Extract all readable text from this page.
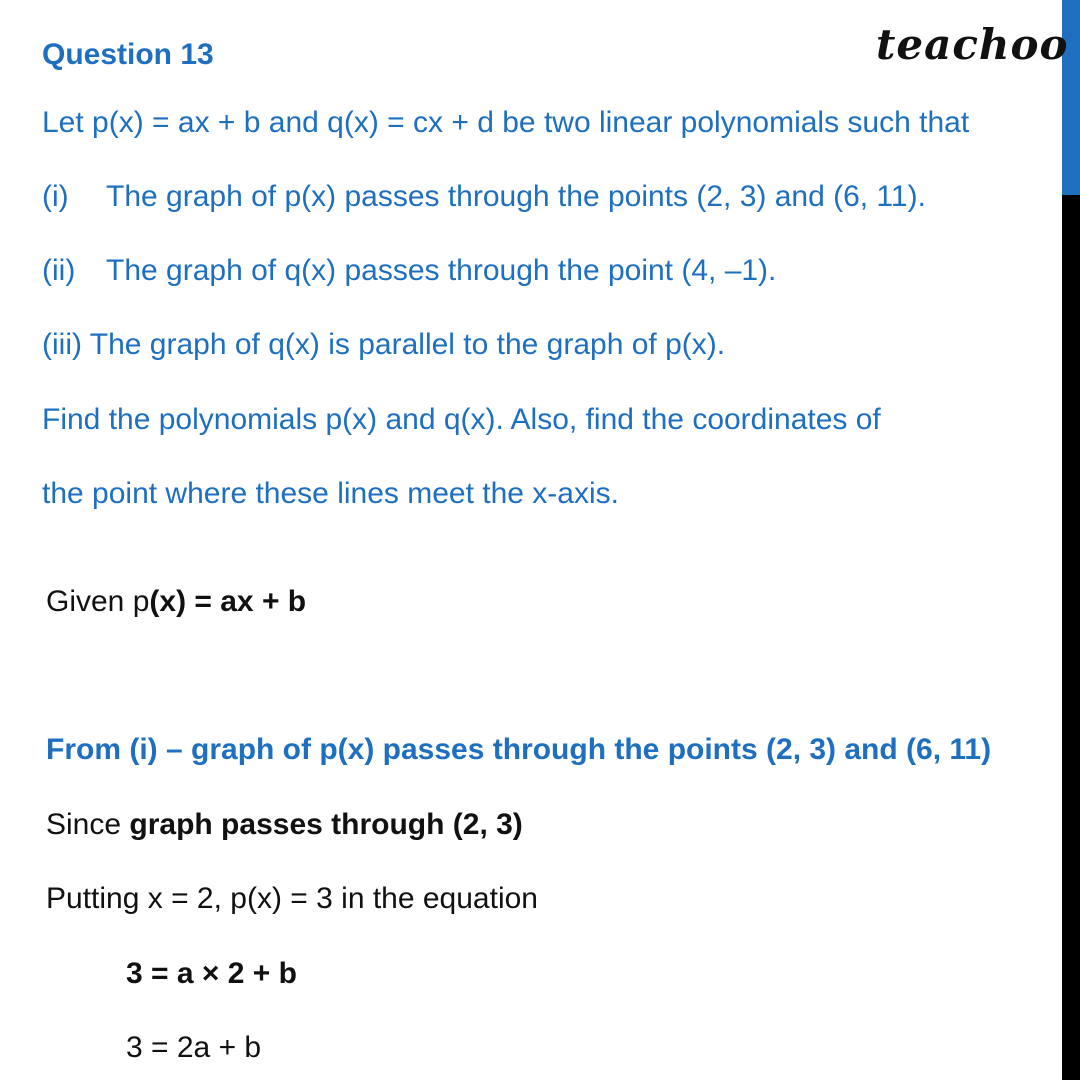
Question 13	teachoo
Let p(x) = ax + b and q(x) = cx + d be two linear polynomials such that
(i) The graph of p(x) passes through the points (2, 3) and (6, 11).
(ii) The graph of q(x) passes through the point (4, –1).
(iii) The graph of q(x) is parallel to the graph of p(x).
Find the polynomials p(x) and q(x). Also, find the coordinates of
the point where these lines meet the x-axis.
Given p(x) = ax + b
From (i) – graph of p(x) passes through the points (2, 3) and (6, 11)
Since graph passes through (2, 3)
Putting x = 2, p(x) = 3 in the equation
3 = a × 2 + b
3 = 2a + b
